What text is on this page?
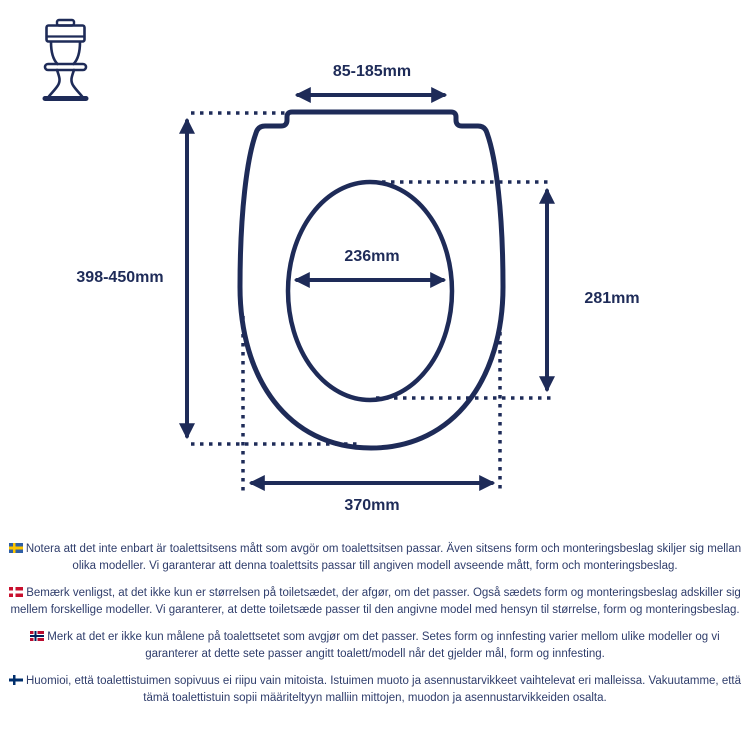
85-185mm
398-450mm
236mm
281mm
370mm

Notera att det inte enbart är toalettsitsens mått som avgör om toalettsitsen passar. Även sitsens form och monteringsbeslag skiljer sig mellan olika modeller. Vi garanterar att denna toalettsits passar till angiven modell avseende mått, form och monteringsbeslag.

Bemærk venligst, at det ikke kun er størrelsen på toiletsædet, der afgør, om det passer. Også sædets form og monteringsbeslag adskiller sig mellem forskellige modeller. Vi garanterer, at dette toiletsæde passer til den angivne model med hensyn til størrelse, form og monteringsbeslag.

Merk at det er ikke kun målene på toalettsetet som avgjør om det passer. Setes form og innfesting varier mellom ulike modeller og vi garanterer at dette sete passer angitt toalett/modell når det gjelder mål, form og innfesting.

Huomioi, että toalettistuimen sopivuus ei riipu vain mitoista. Istuimen muoto ja asennustarvikkeet vaihtelevat eri malleissa. Vakuutamme, että tämä toalettistuin sopii määriteltyyn malliin mittojen, muodon ja asennustarvikkeiden osalta.
